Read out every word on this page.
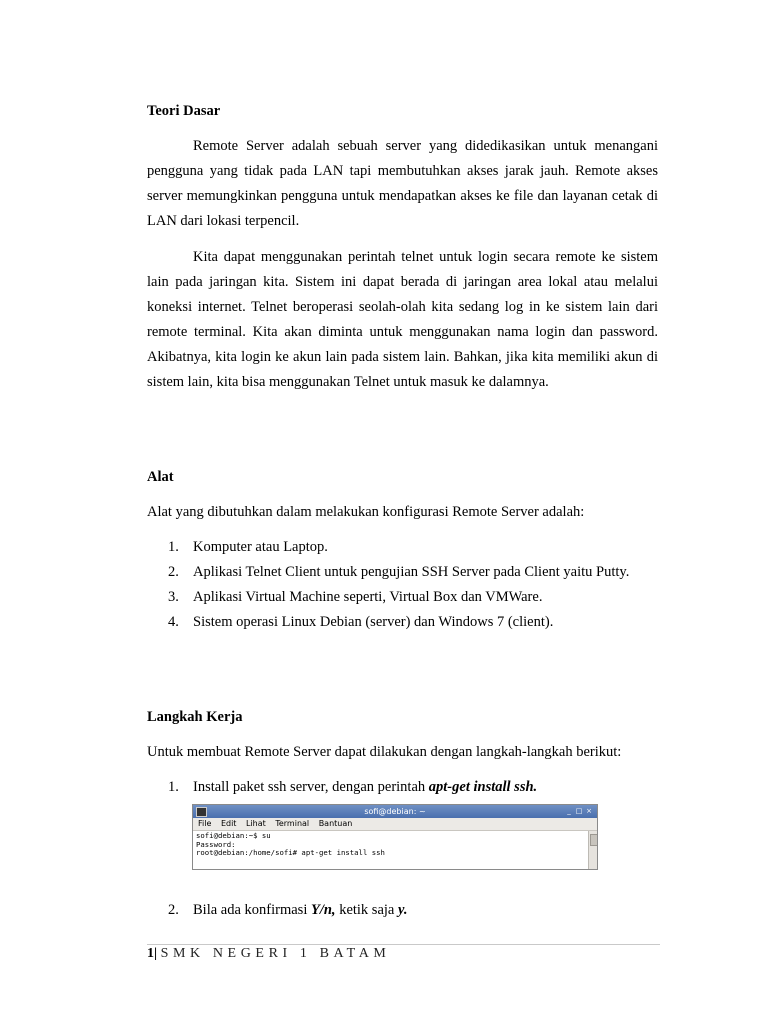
Teori Dasar

Remote Server adalah sebuah server yang didedikasikan untuk menangani pengguna yang tidak pada LAN tapi membutuhkan akses jarak jauh. Remote akses server memungkinkan pengguna untuk mendapatkan akses ke file dan layanan cetak di LAN dari lokasi terpencil.

Kita dapat menggunakan perintah telnet untuk login secara remote ke sistem lain pada jaringan kita. Sistem ini dapat berada di jaringan area lokal atau melalui koneksi internet. Telnet beroperasi seolah-olah kita sedang log in ke sistem lain dari remote terminal. Kita akan diminta untuk menggunakan nama login dan password. Akibatnya, kita login ke akun lain pada sistem lain. Bahkan, jika kita memiliki akun di sistem lain, kita bisa menggunakan Telnet untuk masuk ke dalamnya.

Alat

Alat yang dibutuhkan dalam melakukan konfigurasi Remote Server adalah:

1. Komputer atau Laptop.
2. Aplikasi Telnet Client untuk pengujian SSH Server pada Client yaitu Putty.
3. Aplikasi Virtual Machine seperti, Virtual Box dan VMWare.
4. Sistem operasi Linux Debian (server) dan Windows 7 (client).
Langkah Kerja

Untuk membuat Remote Server dapat dilakukan dengan langkah-langkah berikut:

1. Install paket ssh server, dengan perintah apt-get install ssh.
sofi@debian: ~	_ □ ×
File Edit Lihat Terminal Bantuan
sofi@debian:~$ su
Password:
root@debian:/home/sofi# apt-get install ssh
2. Bila ada konfirmasi Y/n, ketik saja y.
1| SMK NEGERI 1 BATAM
